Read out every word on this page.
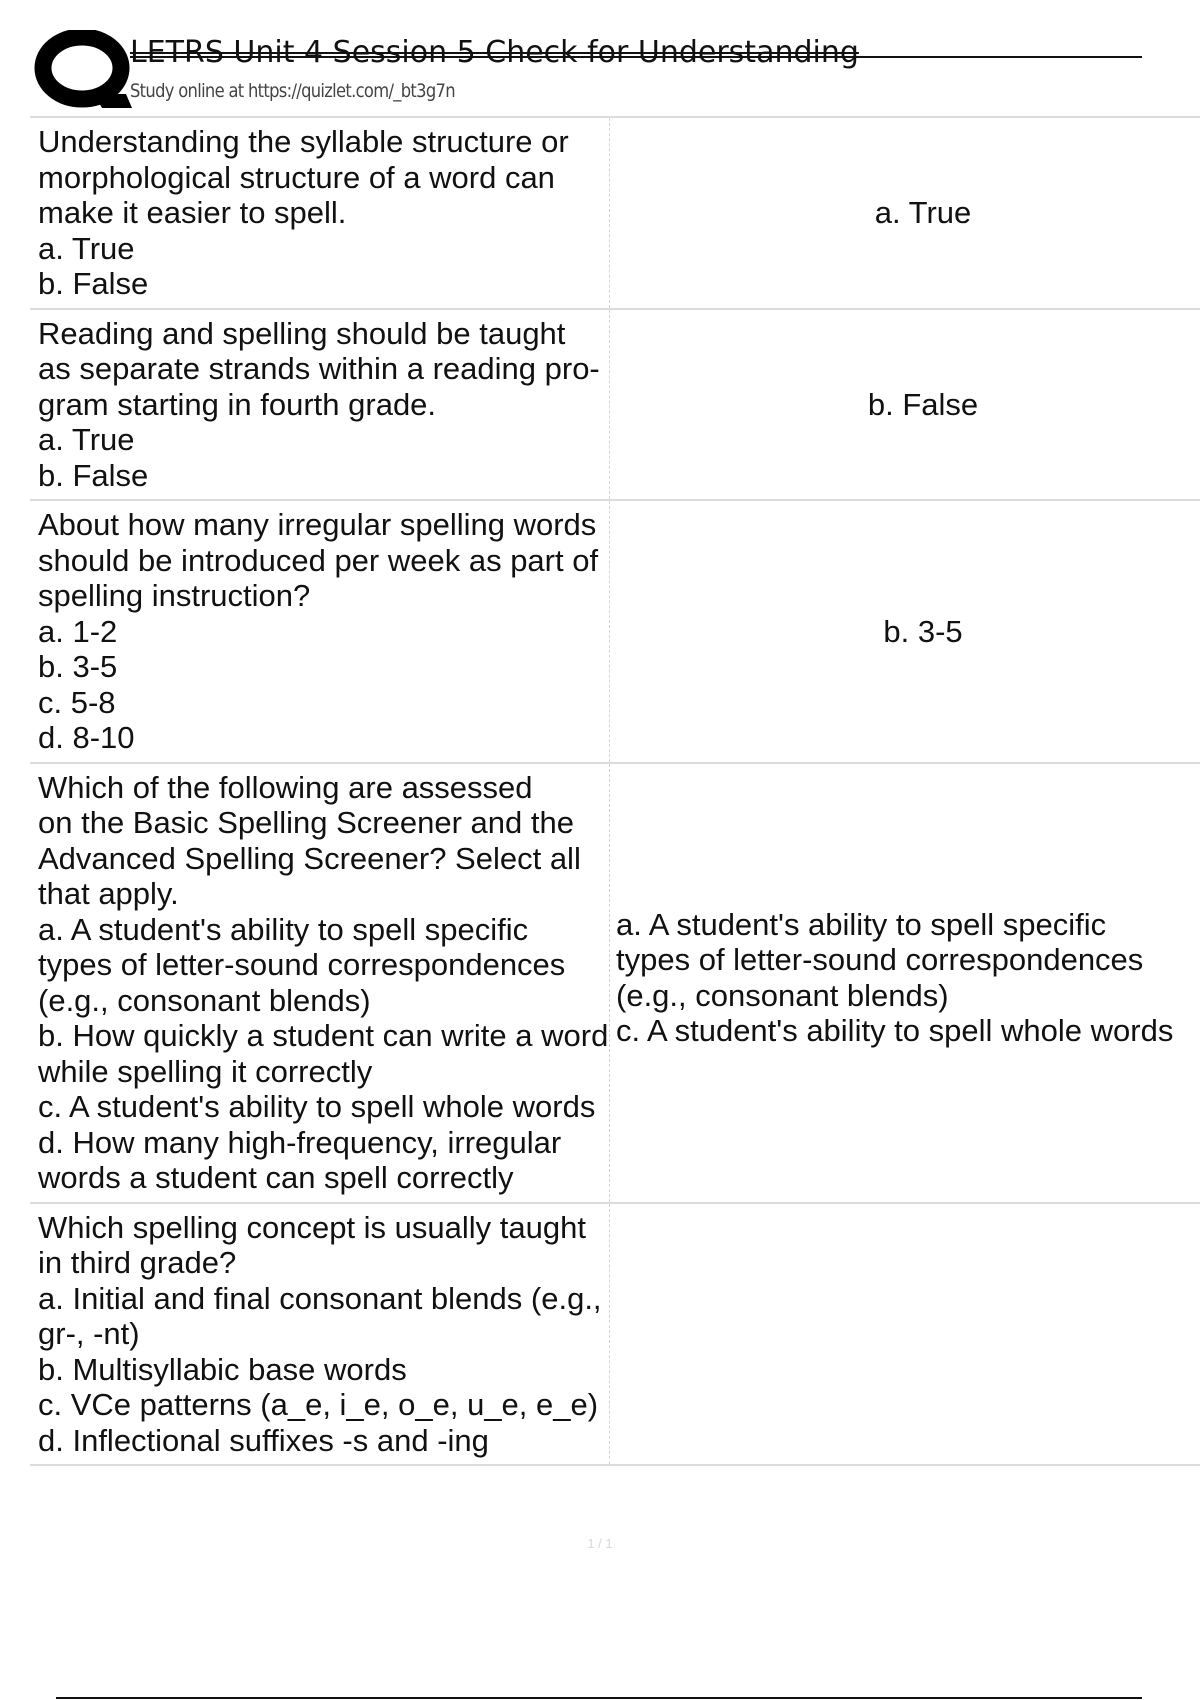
LETRS Unit 4 Session 5 Check for Understanding
Study online at https://quizlet.com/_bt3g7n
Understanding the syllable structure or
morphological structure of a word can
make it easier to spell.
a. True
b. False
a. True
Reading and spelling should be taught
as separate strands within a reading pro-
gram starting in fourth grade.
a. True
b. False
b. False
About how many irregular spelling words
should be introduced per week as part of
spelling instruction?
a. 1-2
b. 3-5
c. 5-8
d. 8-10
b. 3-5
Which of the following are assessed
on the Basic Spelling Screener and the
Advanced Spelling Screener? Select all
that apply.
a. A student's ability to spell specific
types of letter-sound correspondences
(e.g., consonant blends)
b. How quickly a student can write a word
while spelling it correctly
c. A student's ability to spell whole words
d. How many high-frequency, irregular
words a student can spell correctly
a. A student's ability to spell specific
types of letter-sound correspondences
(e.g., consonant blends)
c. A student's ability to spell whole words
Which spelling concept is usually taught
in third grade?
a. Initial and final consonant blends (e.g.,
gr-, -nt)
b. Multisyllabic base words
c. VCe patterns (a_e, i_e, o_e, u_e, e_e)
d. Inflectional suffixes -s and -ing
1 / 1
